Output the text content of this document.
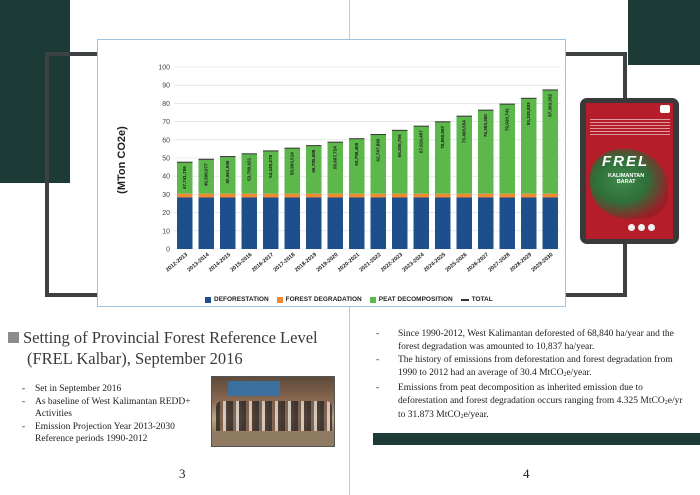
0
10
20
30
40
50
60
70
80
90
100
47,741,706	49,396,077	50,961,596	52,790,621	54,349,278	55,903,514	56,785,688	58,697,724	60,798,400	62,747,860	65,306,756	67,616,487	70,550,067	73,468,554	76,383,300	79,929,741	83,338,883	87,369,352
2012-2013
2013-2014
2014-2015
2015-2016
2016-2017
2017-2018
2018-2019
2019-2020
2020-2021
2021-2022
2022-2023
2023-2024
2024-2025
2025-2026
2026-2027
2027-2028
2028-2029
2029-2030
(MTon CO2e)
DEFORESTATION	FOREST DEGRADATION	PEAT DECOMPOSITION	TOTAL
FREL
KALIMANTAN
BARAT
Setting of Provincial Forest Reference Level
(FREL Kalbar), September 2016
- Set in September 2016
- As baseline of West Kalimantan REDD+ Activities
- Emission Projection Year 2013-2030 Reference periods 1990-2012
- Since 1990-2012, West Kalimantan deforested of 68,840 ha/year and the forest degradation was amounted to 10,837 ha/year.
- The history of emissions from deforestation and forest degradation from 1990 to 2012 had an average of 30.4 MtCO$_2$e/year.
- Emissions from peat decomposition as inherited emission due to deforestation and forest degradation occurs ranging from 4.325 MtCO$_2$e/yr to 31.873 MtCO$_2$e/year.
3	4
